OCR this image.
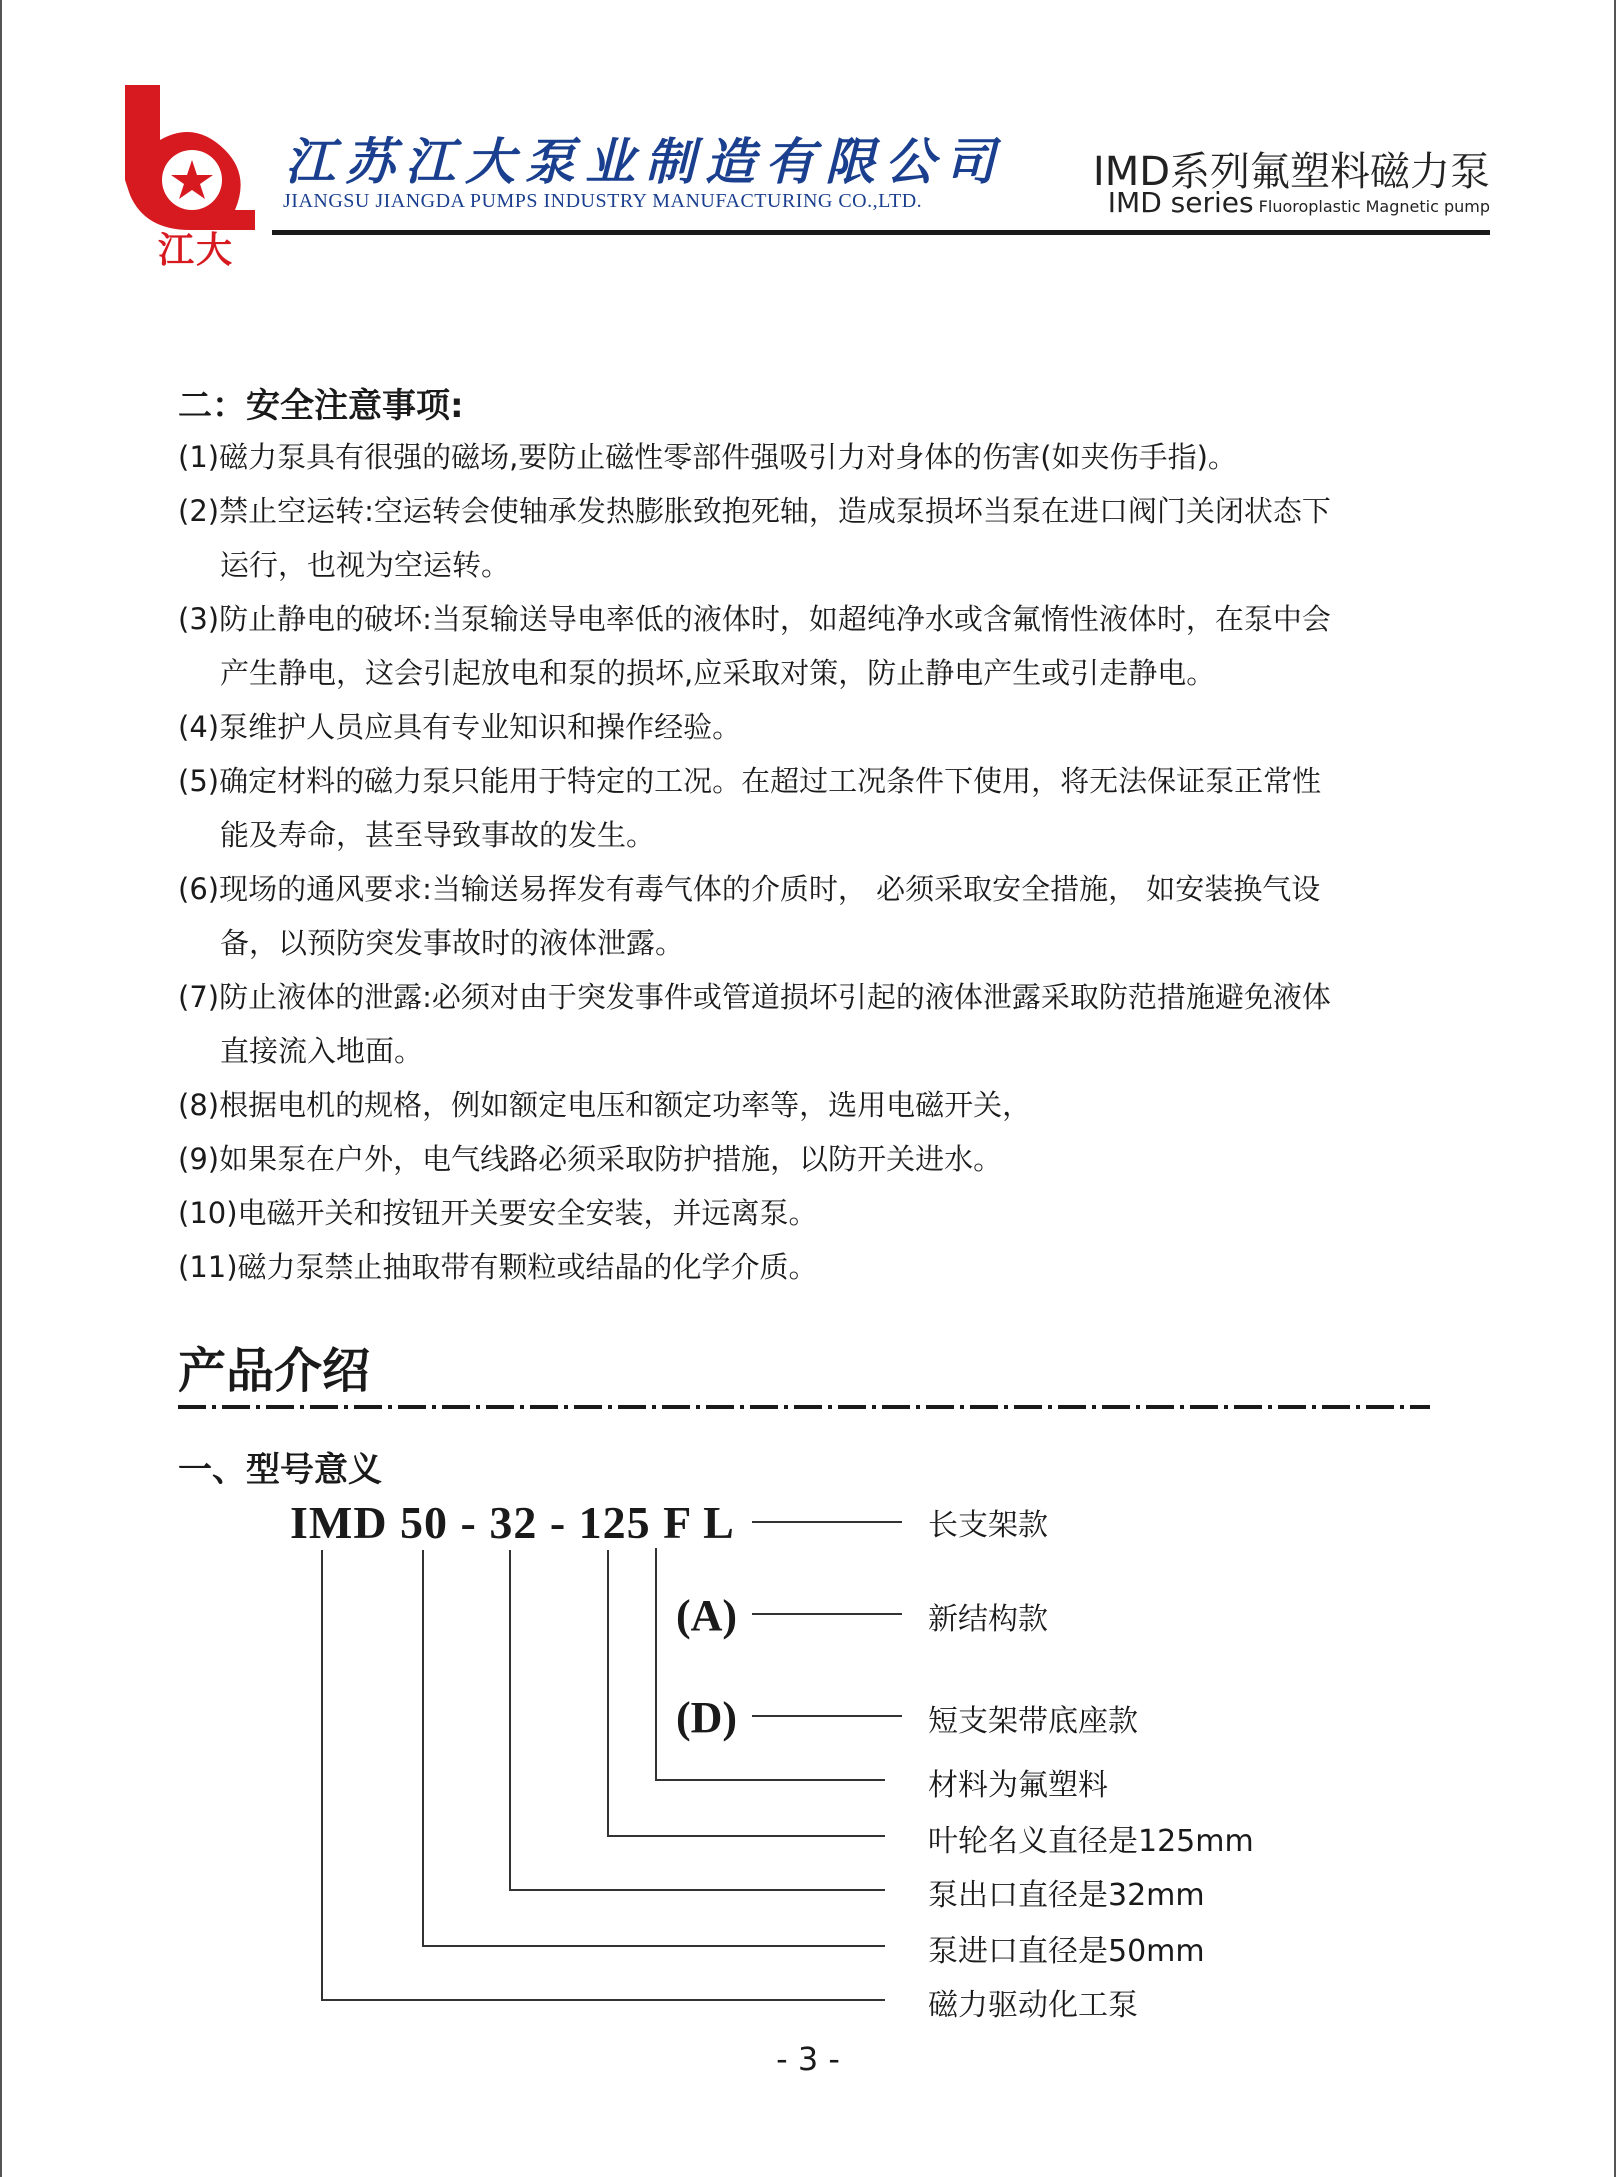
江大
江苏江大泵业制造有限公司
JIANGSU JIANGDA PUMPS INDUSTRY MANUFACTURING CO.,LTD.
IMD系列氟塑料磁力泵
IMD series Fluoroplastic Magnetic pump
二：安全注意事项:
(1)磁力泵具有很强的磁场,要防止磁性零部件强吸引力对身体的伤害(如夹伤手指)。
(2)禁止空运转:空运转会使轴承发热膨胀致抱死轴，造成泵损坏当泵在进口阀门关闭状态下
运行，也视为空运转。
(3)防止静电的破坏:当泵输送导电率低的液体时，如超纯净水或含氟惰性液体时，在泵中会
产生静电，这会引起放电和泵的损坏,应采取对策，防止静电产生或引走静电。
(4)泵维护人员应具有专业知识和操作经验。
(5)确定材料的磁力泵只能用于特定的工况。在超过工况条件下使用，将无法保证泵正常性
能及寿命，甚至导致事故的发生。
(6)现场的通风要求:当输送易挥发有毒气体的介质时， 必须采取安全措施， 如安装换气设
备，以预防突发事故时的液体泄露。
(7)防止液体的泄露:必须对由于突发事件或管道损坏引起的液体泄露采取防范措施避免液体
直接流入地面。
(8)根据电机的规格，例如额定电压和额定功率等，选用电磁开关，
(9)如果泵在户外，电气线路必须采取防护措施，以防开关进水。
(10)电磁开关和按钮开关要安全安装，并远离泵。
(11)磁力泵禁止抽取带有颗粒或结晶的化学介质。
产品介绍
一、型号意义
IMD 50 - 32 - 125 F L
(A)
(D)
长支架款
新结构款
短支架带底座款
材料为氟塑料
叶轮名义直径是125mm
泵出口直径是32mm
泵进口直径是50mm
磁力驱动化工泵
- 3 -
